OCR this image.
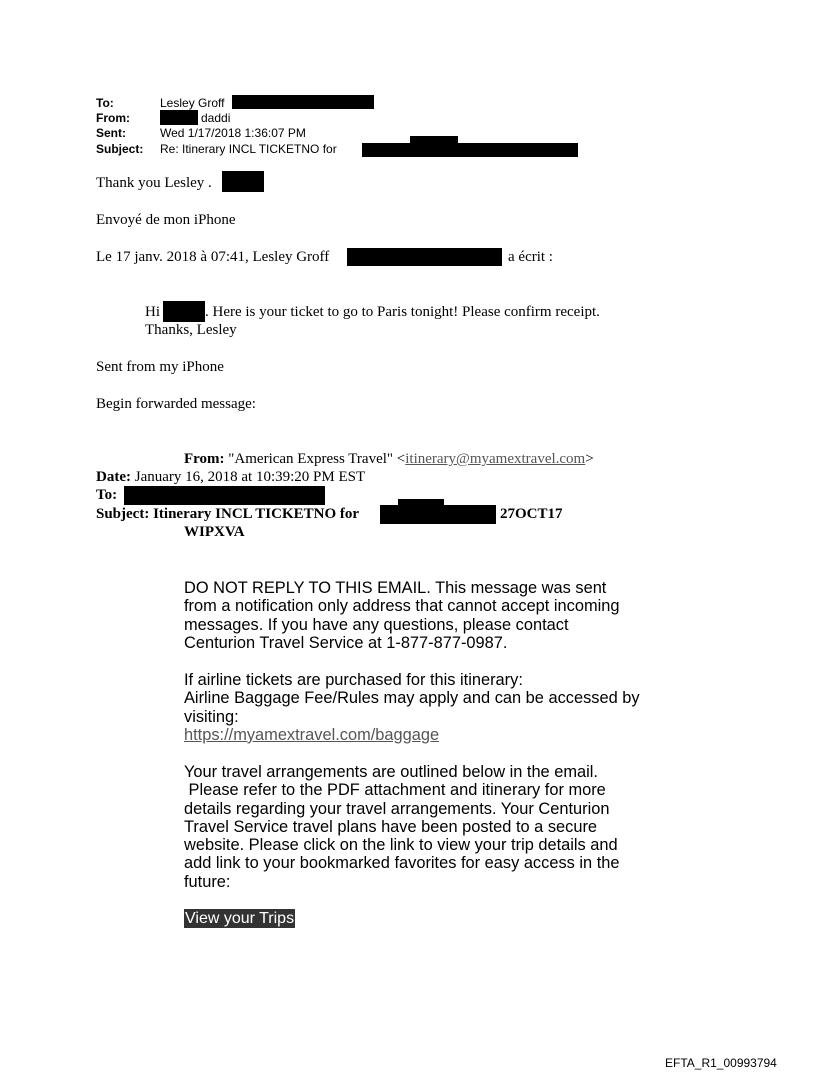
To:	Lesley Groff
From:	daddi
Sent:	Wed 1/17/2018 1:36:07 PM
Subject: Re: Itinerary INCL TICKETNO for
Thank you Lesley .
Envoyé de mon iPhone
Le 17 janv. 2018 à 07:41, Lesley Groff	a écrit :
Hi	. Here is your ticket to go to Paris tonight! Please confirm receipt.
Thanks, Lesley
Sent from my iPhone
Begin forwarded message:
From: "American Express Travel" <itinerary@myamextravel.com>
Date: January 16, 2018 at 10:39:20 PM EST
To:
Subject: Itinerary INCL TICKETNO for	27OCT17
WIPXVA
DO NOT REPLY TO THIS EMAIL. This message was sent
from a notification only address that cannot accept incoming
messages. If you have any questions, please contact
Centurion Travel Service at 1-877-877-0987.
If airline tickets are purchased for this itinerary:
Airline Baggage Fee/Rules may apply and can be accessed by
visiting:
https://myamextravel.com/baggage
Your travel arrangements are outlined below in the email.
Please refer to the PDF attachment and itinerary for more
details regarding your travel arrangements. Your Centurion
Travel Service travel plans have been posted to a secure
website. Please click on the link to view your trip details and
add link to your bookmarked favorites for easy access in the
future:
View your Trips
EFTA_R1_00993794
